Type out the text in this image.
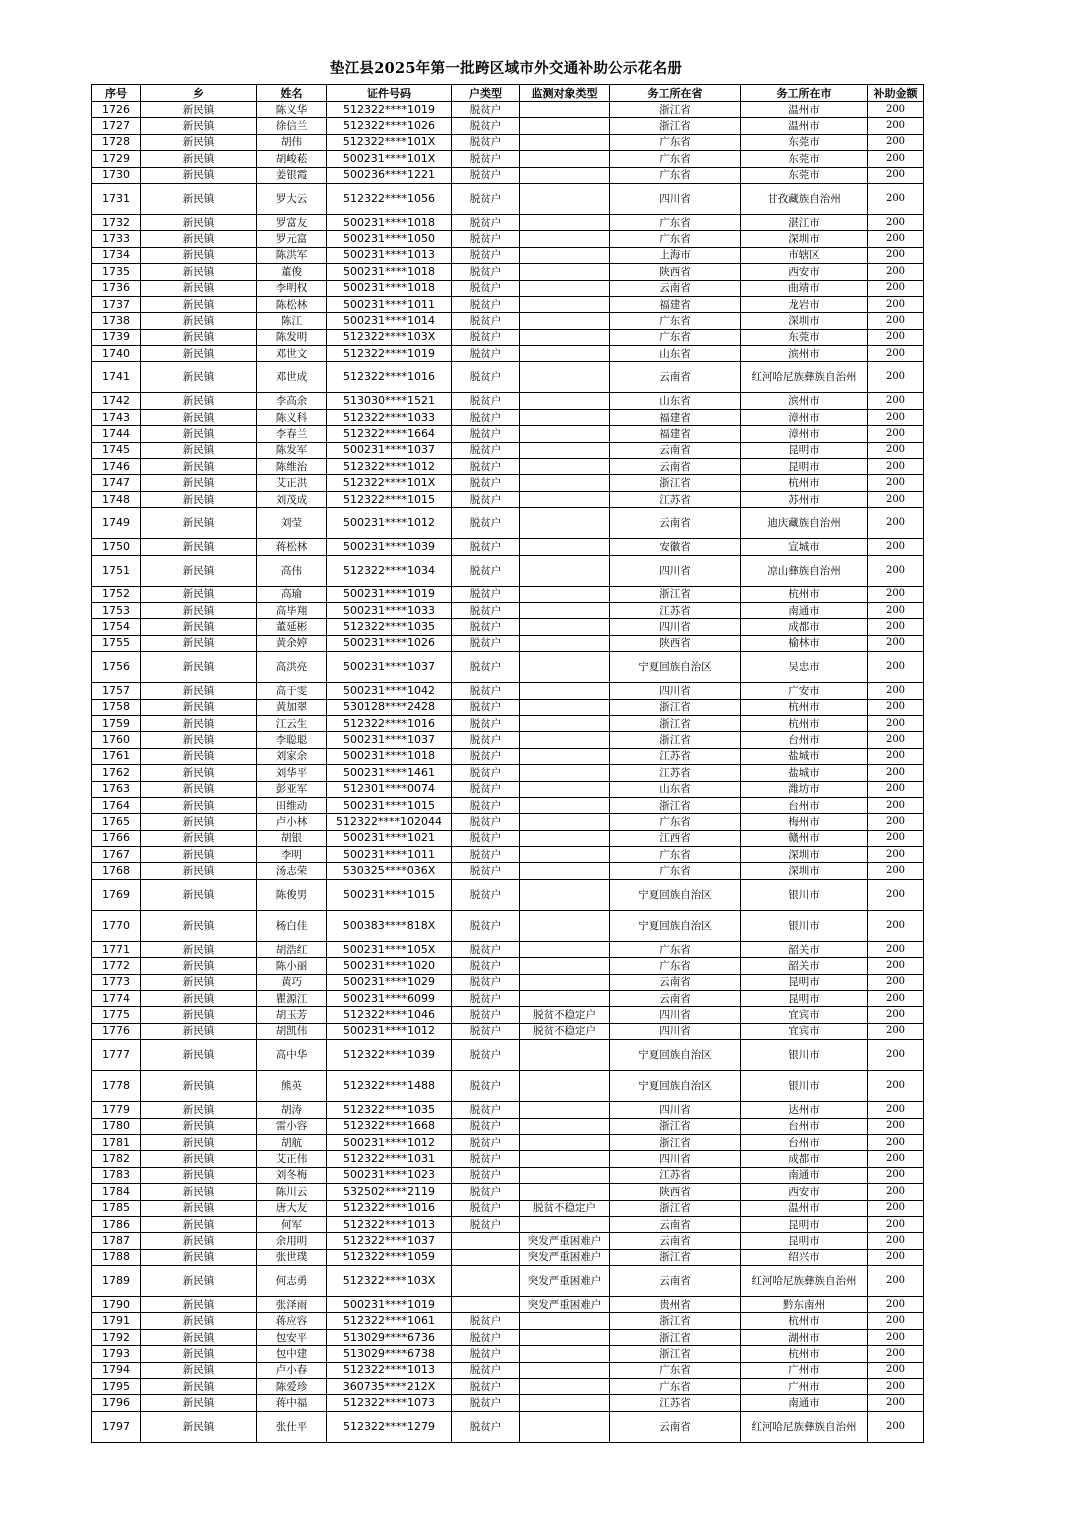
垫江县2025年第一批跨区域市外交通补助公示花名册
序号	乡	姓名	证件号码	户类型	监测对象类型	务工所在省	务工所在市	补助金额
1726	新民镇	陈义华	512322****1019	脱贫户		浙江省	温州市	200
1727	新民镇	徐信兰	512322****1026	脱贫户		浙江省	温州市	200
1728	新民镇	胡伟	512322****101X	脱贫户		广东省	东莞市	200
1729	新民镇	胡峻菘	500231****101X	脱贫户		广东省	东莞市	200
1730	新民镇	姜银霞	500236****1221	脱贫户		广东省	东莞市	200
1731	新民镇	罗大云	512322****1056	脱贫户		四川省	甘孜藏族自治州	200
1732	新民镇	罗富友	500231****1018	脱贫户		广东省	湛江市	200
1733	新民镇	罗元富	500231****1050	脱贫户		广东省	深圳市	200
1734	新民镇	陈洪军	500231****1013	脱贫户		上海市	市辖区	200
1735	新民镇	董俊	500231****1018	脱贫户		陕西省	西安市	200
1736	新民镇	李明权	500231****1018	脱贫户		云南省	曲靖市	200
1737	新民镇	陈松林	500231****1011	脱贫户		福建省	龙岩市	200
1738	新民镇	陈江	500231****1014	脱贫户		广东省	深圳市	200
1739	新民镇	陈发明	512322****103X	脱贫户		广东省	东莞市	200
1740	新民镇	邓世文	512322****1019	脱贫户		山东省	滨州市	200
1741	新民镇	邓世成	512322****1016	脱贫户		云南省	红河哈尼族彝族自治州	200
1742	新民镇	李高余	513030****1521	脱贫户		山东省	滨州市	200
1743	新民镇	陈义科	512322****1033	脱贫户		福建省	漳州市	200
1744	新民镇	李春兰	512322****1664	脱贫户		福建省	漳州市	200
1745	新民镇	陈发军	500231****1037	脱贫户		云南省	昆明市	200
1746	新民镇	陈维治	512322****1012	脱贫户		云南省	昆明市	200
1747	新民镇	艾正洪	512322****101X	脱贫户		浙江省	杭州市	200
1748	新民镇	刘茂成	512322****1015	脱贫户		江苏省	苏州市	200
1749	新民镇	刘莹	500231****1012	脱贫户		云南省	迪庆藏族自治州	200
1750	新民镇	蒋松林	500231****1039	脱贫户		安徽省	宣城市	200
1751	新民镇	高伟	512322****1034	脱贫户		四川省	凉山彝族自治州	200
1752	新民镇	高瑜	500231****1019	脱贫户		浙江省	杭州市	200
1753	新民镇	高毕翔	500231****1033	脱贫户		江苏省	南通市	200
1754	新民镇	董延彬	512322****1035	脱贫户		四川省	成都市	200
1755	新民镇	黄余婷	500231****1026	脱贫户		陕西省	榆林市	200
1756	新民镇	高洪亮	500231****1037	脱贫户		宁夏回族自治区	吴忠市	200
1757	新民镇	高于雯	500231****1042	脱贫户		四川省	广安市	200
1758	新民镇	黄加翠	530128****2428	脱贫户		浙江省	杭州市	200
1759	新民镇	江云生	512322****1016	脱贫户		浙江省	杭州市	200
1760	新民镇	李聪聪	500231****1037	脱贫户		浙江省	台州市	200
1761	新民镇	刘家余	500231****1018	脱贫户		江苏省	盐城市	200
1762	新民镇	刘华平	500231****1461	脱贫户		江苏省	盐城市	200
1763	新民镇	彭亚军	512301****0074	脱贫户		山东省	潍坊市	200
1764	新民镇	田维动	500231****1015	脱贫户		浙江省	台州市	200
1765	新民镇	卢小林	512322****102044	脱贫户		广东省	梅州市	200
1766	新民镇	胡银	500231****1021	脱贫户		江西省	赣州市	200
1767	新民镇	李明	500231****1011	脱贫户		广东省	深圳市	200
1768	新民镇	汤志荣	530325****036X	脱贫户		广东省	深圳市	200
1769	新民镇	陈俊男	500231****1015	脱贫户		宁夏回族自治区	银川市	200
1770	新民镇	杨白佳	500383****818X	脱贫户		宁夏回族自治区	银川市	200
1771	新民镇	胡浩红	500231****105X	脱贫户		广东省	韶关市	200
1772	新民镇	陈小丽	500231****1020	脱贫户		广东省	韶关市	200
1773	新民镇	黄巧	500231****1029	脱贫户		云南省	昆明市	200
1774	新民镇	瞿源江	500231****6099	脱贫户		云南省	昆明市	200
1775	新民镇	胡玉芳	512322****1046	脱贫户	脱贫不稳定户	四川省	宜宾市	200
1776	新民镇	胡凯伟	500231****1012	脱贫户	脱贫不稳定户	四川省	宜宾市	200
1777	新民镇	高中华	512322****1039	脱贫户		宁夏回族自治区	银川市	200
1778	新民镇	熊英	512322****1488	脱贫户		宁夏回族自治区	银川市	200
1779	新民镇	胡涛	512322****1035	脱贫户		四川省	达州市	200
1780	新民镇	雷小容	512322****1668	脱贫户		浙江省	台州市	200
1781	新民镇	胡航	500231****1012	脱贫户		浙江省	台州市	200
1782	新民镇	艾正伟	512322****1031	脱贫户		四川省	成都市	200
1783	新民镇	刘冬梅	500231****1023	脱贫户		江苏省	南通市	200
1784	新民镇	陈川云	532502****2119	脱贫户		陕西省	西安市	200
1785	新民镇	唐大友	512322****1016	脱贫户	脱贫不稳定户	浙江省	温州市	200
1786	新民镇	何军	512322****1013	脱贫户		云南省	昆明市	200
1787	新民镇	余用明	512322****1037		突发严重困难户	云南省	昆明市	200
1788	新民镇	张世璞	512322****1059		突发严重困难户	浙江省	绍兴市	200
1789	新民镇	何志勇	512322****103X		突发严重困难户	云南省	红河哈尼族彝族自治州	200
1790	新民镇	张泽雨	500231****1019		突发严重困难户	贵州省	黔东南州	200
1791	新民镇	蒋应容	512322****1061	脱贫户		浙江省	杭州市	200
1792	新民镇	包安平	513029****6736	脱贫户		浙江省	湖州市	200
1793	新民镇	包中建	513029****6738	脱贫户		浙江省	杭州市	200
1794	新民镇	卢小春	512322****1013	脱贫户		广东省	广州市	200
1795	新民镇	陈爱珍	360735****212X	脱贫户		广东省	广州市	200
1796	新民镇	蒋中福	512322****1073	脱贫户		江苏省	南通市	200
1797	新民镇	张仕平	512322****1279	脱贫户		云南省	红河哈尼族彝族自治州	200
